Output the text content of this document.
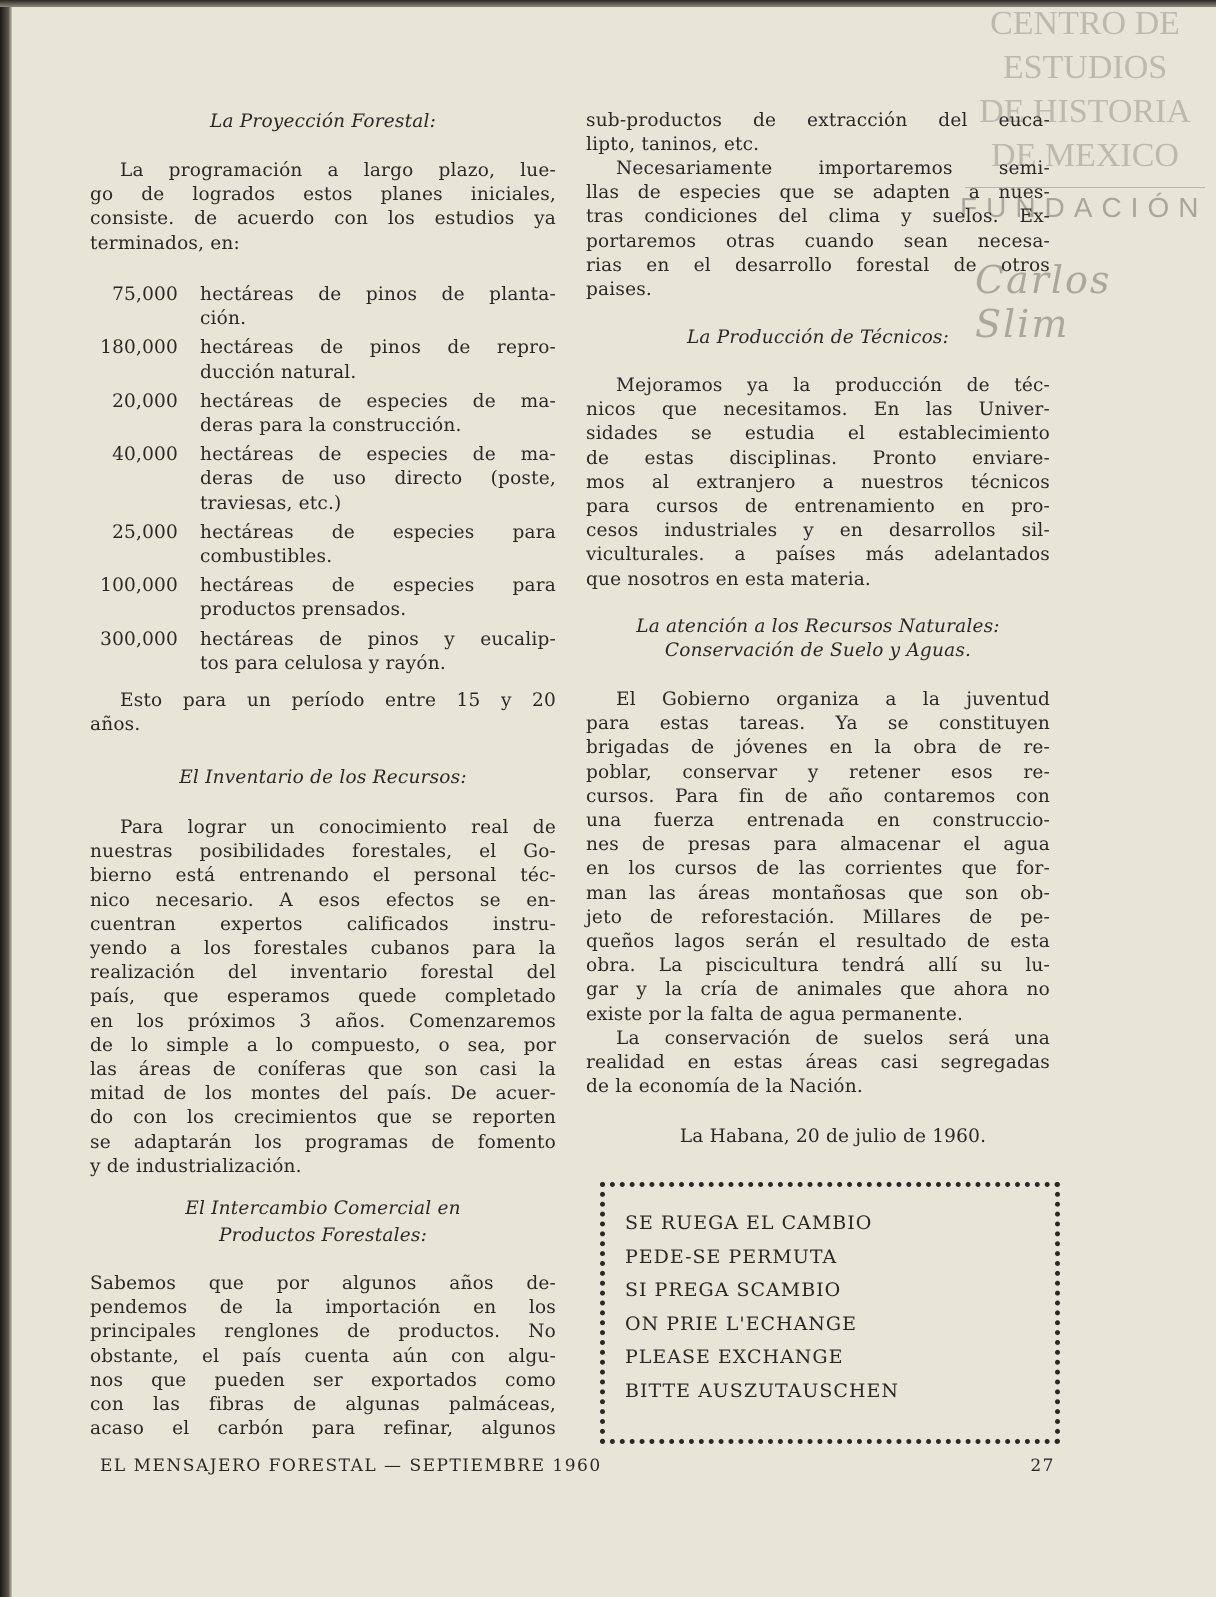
CENTRO DE
ESTUDIOS
DE HISTORIA
DE MEXICO
FUNDACIÓN
Carlos Slim
La Proyección Forestal:
La programación a largo plazo, lue-
go de logrados estos planes iniciales,
consiste. de acuerdo con los estudios ya
terminados, en:
75,000 hectáreas de pinos de planta-
ción.
180,000 hectáreas de pinos de repro-
ducción natural.
20,000 hectáreas de especies de ma-
deras para la construcción.
40,000 hectáreas de especies de ma-
deras de uso directo (poste,
traviesas, etc.)
25,000 hectáreas de especies para
combustibles.
100,000 hectáreas de especies para
productos prensados.
300,000 hectáreas de pinos y eucalip-
tos para celulosa y rayón.
Esto para un período entre 15 y 20
años.
El Inventario de los Recursos:
Para lograr un conocimiento real de
nuestras posibilidades forestales, el Go-
bierno está entrenando el personal téc-
nico necesario. A esos efectos se en-
cuentran expertos calificados instru-
yendo a los forestales cubanos para la
realización del inventario forestal del
país, que esperamos quede completado
en los próximos 3 años. Comenzaremos
de lo simple a lo compuesto, o sea, por
las áreas de coníferas que son casi la
mitad de los montes del país. De acuer-
do con los crecimientos que se reporten
se adaptarán los programas de fomento
y de industrialización.
El Intercambio Comercial en
Productos Forestales:
Sabemos que por algunos años de-
pendemos de la importación en los
principales renglones de productos. No
obstante, el país cuenta aún con algu-
nos que pueden ser exportados como
con las fibras de algunas palmáceas,
acaso el carbón para refinar, algunos
sub-productos de extracción del euca-
lipto, taninos, etc.
Necesariamente importaremos semi-
llas de especies que se adapten a nues-
tras condiciones del clima y suelos. Ex-
portaremos otras cuando sean necesa-
rias en el desarrollo forestal de otros
paises.
La Producción de Técnicos:
Mejoramos ya la producción de téc-
nicos que necesitamos. En las Univer-
sidades se estudia el establecimiento
de estas disciplinas. Pronto enviare-
mos al extranjero a nuestros técnicos
para cursos de entrenamiento en pro-
cesos industriales y en desarrollos sil-
viculturales. a países más adelantados
que nosotros en esta materia.
La atención a los Recursos Naturales:
Conservación de Suelo y Aguas.
El Gobierno organiza a la juventud
para estas tareas. Ya se constituyen
brigadas de jóvenes en la obra de re-
poblar, conservar y retener esos re-
cursos. Para fin de año contaremos con
una fuerza entrenada en construccio-
nes de presas para almacenar el agua
en los cursos de las corrientes que for-
man las áreas montañosas que son ob-
jeto de reforestación. Millares de pe-
queños lagos serán el resultado de esta
obra. La piscicultura tendrá allí su lu-
gar y la cría de animales que ahora no
existe por la falta de agua permanente.
La conservación de suelos será una
realidad en estas áreas casi segregadas
de la economía de la Nación.
La Habana, 20 de julio de 1960.
SE RUEGA EL CAMBIO
PEDE-SE PERMUTA
SI PREGA SCAMBIO
ON PRIE L'ECHANGE
PLEASE EXCHANGE
BITTE AUSZUTAUSCHEN
EL MENSAJERO FORESTAL — SEPTIEMBRE 1960	27
